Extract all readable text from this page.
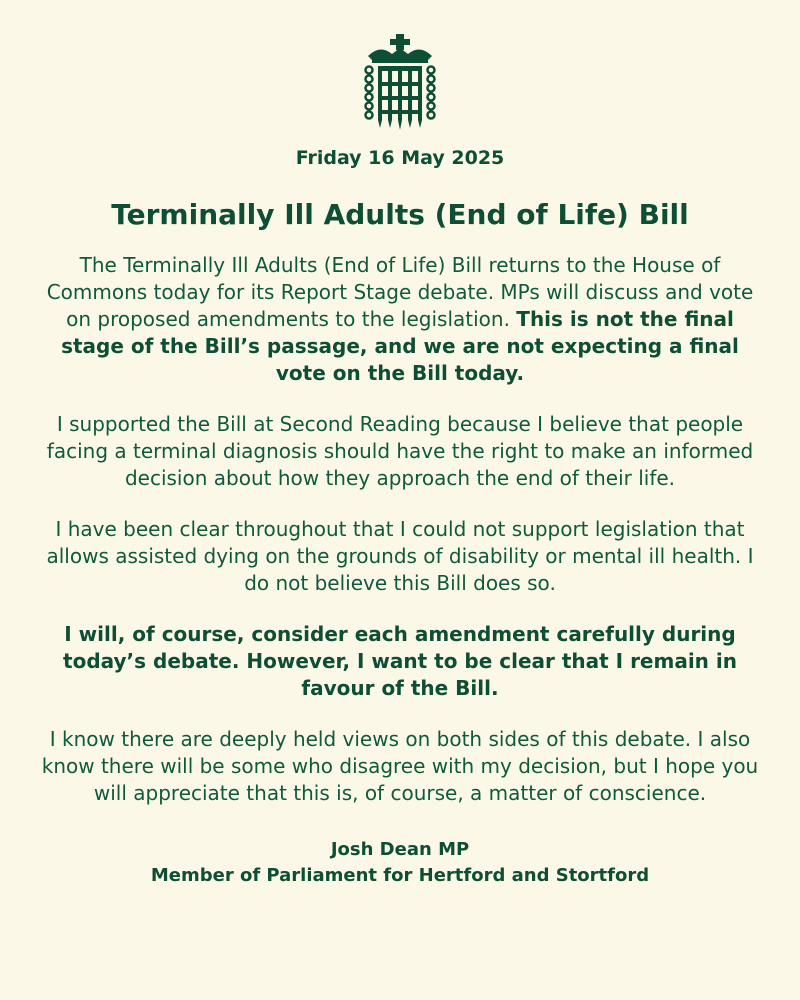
Friday 16 May 2025
Terminally Ill Adults (End of Life) Bill

The Terminally Ill Adults (End of Life) Bill returns to the House of Commons today for its Report Stage debate. MPs will discuss and vote on proposed amendments to the legislation. This is not the final stage of the Bill’s passage, and we are not expecting a final vote on the Bill today.

I supported the Bill at Second Reading because I believe that people facing a terminal diagnosis should have the right to make an informed decision about how they approach the end of their life.

I have been clear throughout that I could not support legislation that allows assisted dying on the grounds of disability or mental ill health. I do not believe this Bill does so.

I will, of course, consider each amendment carefully during today’s debate. However, I want to be clear that I remain in favour of the Bill.

I know there are deeply held views on both sides of this debate. I also know there will be some who disagree with my decision, but I hope you will appreciate that this is, of course, a matter of conscience.

Josh Dean MP
Member of Parliament for Hertford and Stortford
